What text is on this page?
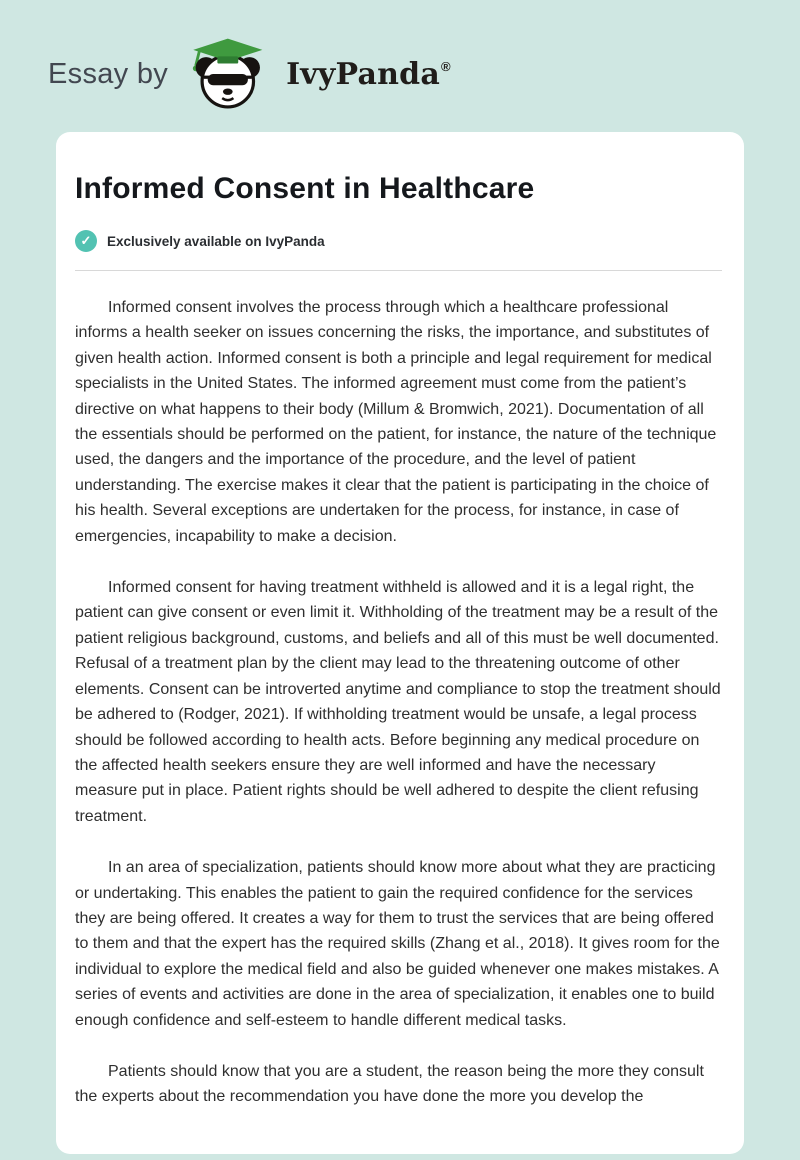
Essay by	IvyPanda ®
Informed Consent in Healthcare
✓	Exclusively available on IvyPanda

Informed consent involves the process through which a healthcare professional informs a health seeker on issues concerning the risks, the importance, and substitutes of given health action. Informed consent is both a principle and legal requirement for medical specialists in the United States. The informed agreement must come from the patient’s directive on what happens to their body (Millum & Bromwich, 2021). Documentation of all the essentials should be performed on the patient, for instance, the nature of the technique used, the dangers and the importance of the procedure, and the level of patient understanding. The exercise makes it clear that the patient is participating in the choice of his health. Several exceptions are undertaken for the process, for instance, in case of emergencies, incapability to make a decision.

Informed consent for having treatment withheld is allowed and it is a legal right, the patient can give consent or even limit it. Withholding of the treatment may be a result of the patient religious background, customs, and beliefs and all of this must be well documented. Refusal of a treatment plan by the client may lead to the threatening outcome of other elements. Consent can be introverted anytime and compliance to stop the treatment should be adhered to (Rodger, 2021). If withholding treatment would be unsafe, a legal process should be followed according to health acts. Before beginning any medical procedure on the affected health seekers ensure they are well informed and have the necessary measure put in place. Patient rights should be well adhered to despite the client refusing treatment.

In an area of specialization, patients should know more about what they are practicing or undertaking. This enables the patient to gain the required confidence for the services they are being offered. It creates a way for them to trust the services that are being offered to them and that the expert has the required skills (Zhang et al., 2018). It gives room for the individual to explore the medical field and also be guided whenever one makes mistakes. A series of events and activities are done in the area of specialization, it enables one to build enough confidence and self-esteem to handle different medical tasks.

Patients should know that you are a student, the reason being the more they consult the experts about the recommendation you have done the more you develop the
